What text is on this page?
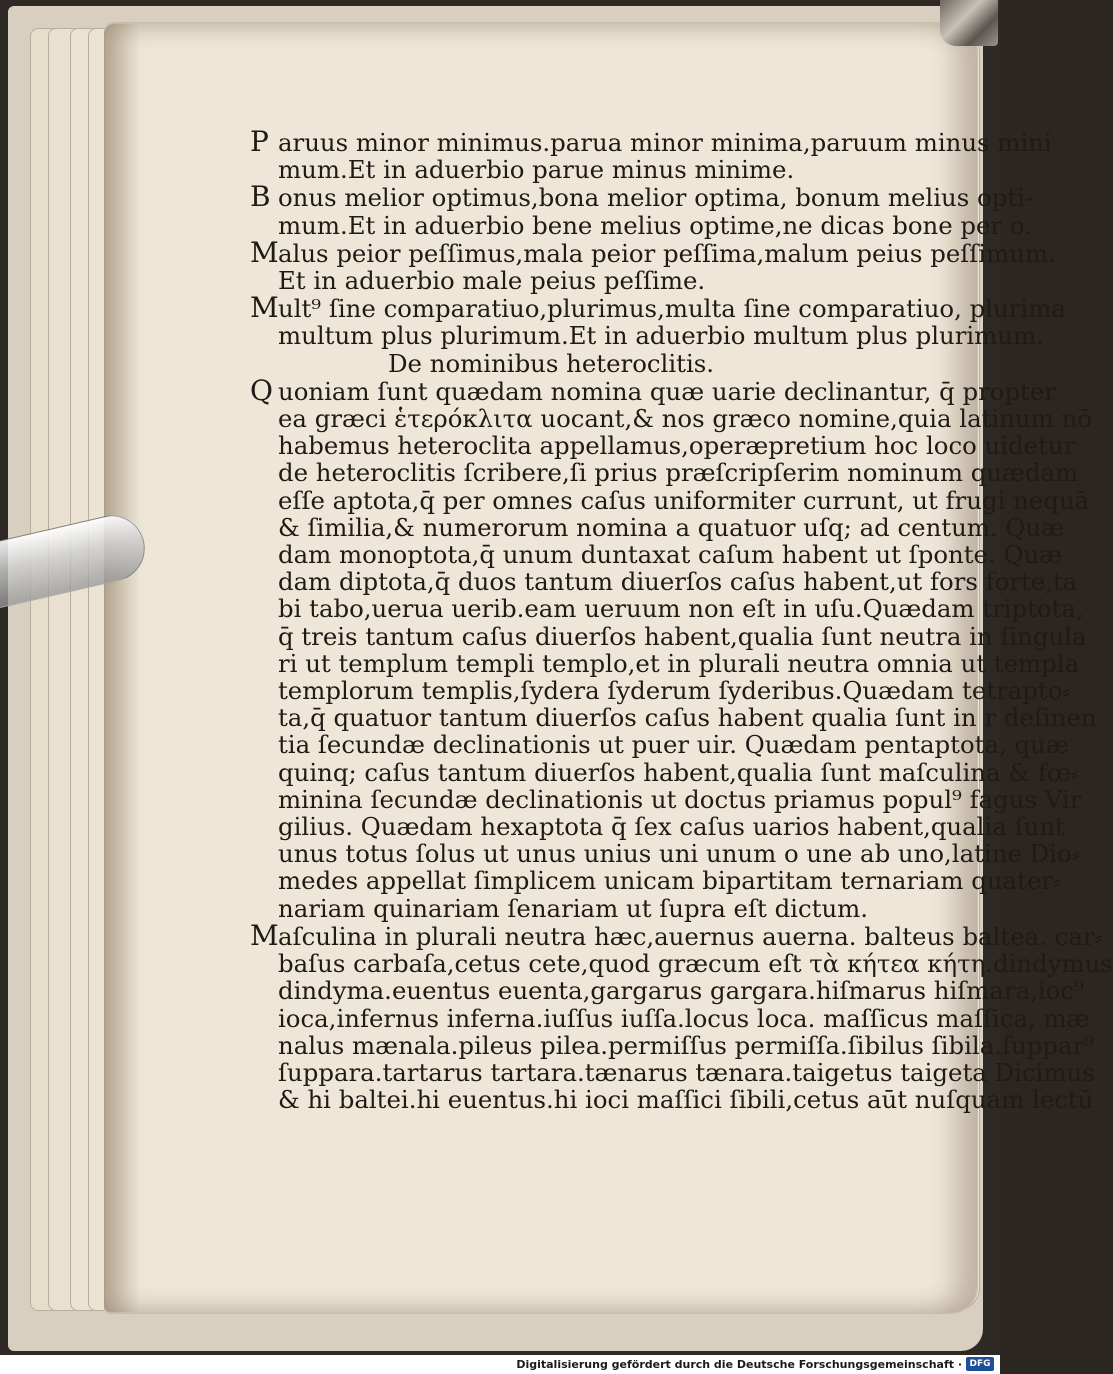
P aruus minor minimus.parua minor minima,paruum minus mini
mum.Et in aduerbio parue minus minime.
B onus melior optimus,bona melior optima, bonum melius opti-
mum.Et in aduerbio bene melius optime,ne dicas bone per o.
Malus peior peſſimus,mala peior peſſima,malum peius peſſimum.
Et in aduerbio male peius peſſime.
Mult⁹ ſine comparatiuo,plurimus,multa ſine comparatiuo, plurima
multum plus plurimum.Et in aduerbio multum plus plurimum.
De nominibus heteroclitis.
Q uoniam ſunt quædam nomina quæ uarie declinantur, q̄ propter
ea græci ἑτερόκλιτα uocant,& nos græco nomine,quia latinum nō
habemus heteroclita appellamus,operæpretium hoc loco uidetur
de heteroclitis ſcribere,ſi prius præſcripſerim nominum quædam
eſſe aptota,q̄ per omnes caſus uniformiter currunt, ut frugi nequā
& ſimilia,& numerorum nomina a quatuor uſq; ad centum. Quæ
dam monoptota,q̄ unum duntaxat caſum habent ut ſponte. Quæ
dam diptota,q̄ duos tantum diuerſos caſus habent,ut fors forte,ta
bi tabo,uerua uerib.eam ueruum non eſt in uſu.Quædam triptota,
q̄ treis tantum caſus diuerſos habent,qualia ſunt neutra in ſingula
ri ut templum templi templo,et in plurali neutra omnia ut templa
templorum templis,ſydera ſyderum ſyderibus.Quædam tetrapto⸗
ta,q̄ quatuor tantum diuerſos caſus habent qualia ſunt in r deſinen
tia ſecundæ declinationis ut puer uir. Quædam pentaptota, quæ
quinq; caſus tantum diuerſos habent,qualia ſunt maſculina & fœ⸗
minina ſecundæ declinationis ut doctus priamus popul⁹ fagus Vir
gilius. Quædam hexaptota q̄ ſex caſus uarios habent,qualia ſunt
unus totus ſolus ut unus unius uni unum o une ab uno,latine Dio⸗
medes appellat ſimplicem unicam bipartitam ternariam quater⸗
nariam quinariam ſenariam ut ſupra eſt dictum.
Maſculina in plurali neutra hæc,auernus auerna. balteus baltea. car⸗
baſus carbaſa,cetus cete,quod græcum eſt τὰ κήτεα κήτη.dindymus
dindyma.euentus euenta,gargarus gargara.hiſmarus hiſmara,ioc⁹
ioca,infernus inferna.iuſſus iuſſa.locus loca. maſſicus maſſica, mæ
nalus mænala.pileus pilea.permiſſus permiſſa.ſibilus ſibila.ſuppar⁹
ſuppara.tartarus tartara.tænarus tænara.taigetus taigeta Dicimus
& hi baltei.hi euentus.hi ioci maſſici ſibili,cetus aūt nuſquam lectū
Digitalisierung gefördert durch die Deutsche Forschungsgemeinschaft · DFG
